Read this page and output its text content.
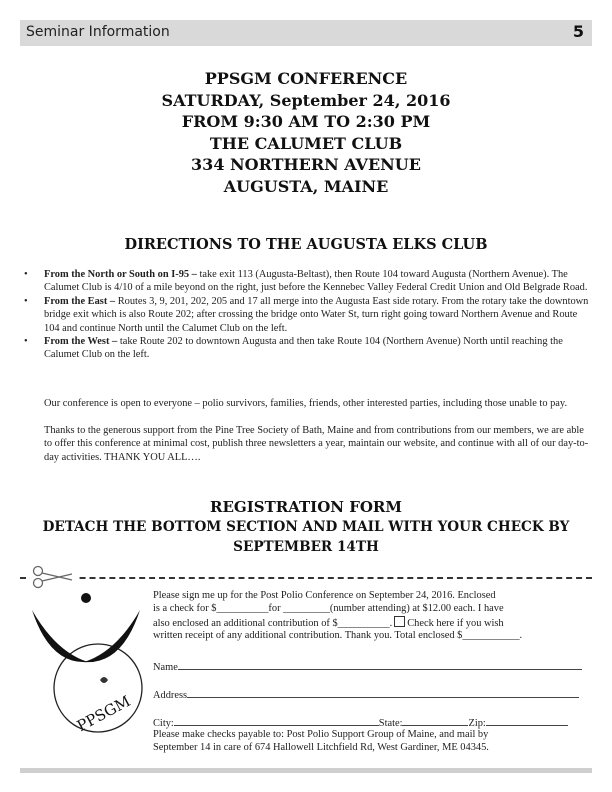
Seminar Information	5
PPSGM CONFERENCE
SATURDAY, September 24, 2016
FROM 9:30 AM TO 2:30 PM
THE CALUMET CLUB
334 NORTHERN AVENUE
AUGUSTA, MAINE
DIRECTIONS TO THE AUGUSTA ELKS CLUB
• From the North or South on I-95 – take exit 113 (Augusta-Beltast), then Route 104 toward Augusta (Northern Avenue). The Calumet Club is 4/10 of a mile beyond on the right, just before the Kennebec Valley Federal Credit Union and Old Belgrade Road.
• From the East – Routes 3, 9, 201, 202, 205 and 17 all merge into the Augusta East side rotary. From the rotary take the downtown bridge exit which is also Route 202; after crossing the bridge onto Water St, turn right going toward Northern Avenue and Route 104 and continue North until the Calumet Club on the left.
• From the West – take Route 202 to downtown Augusta and then take Route 104 (Northern Avenue) North until reaching the Calumet Club on the left.

Our conference is open to everyone – polio survivors, families, friends, other interested parties, including those unable to pay.

Thanks to the generous support from the Pine Tree Society of Bath, Maine and from contributions from our members, we are able to offer this conference at minimal cost, publish three newsletters a year, maintain our website, and continue with all of our day-to-day activities. THANK YOU ALL….

REGISTRATION FORM
DETACH THE BOTTOM SECTION AND MAIL WITH YOUR CHECK BY
SEPTEMBER 14TH
PPSGM

Please sign me up for the Post Polio Conference on September 24, 2016. Enclosed

is a check for $__________for _________(number attending) at $12.00 each. I have

also enclosed an additional contribution of $__________. Check here if you wish

written receipt of any additional contribution. Thank you. Total enclosed $___________.

Name
Address
City:	State:	Zip:
Please make checks payable to: Post Polio Support Group of Maine, and mail by
September 14 in care of 674 Hallowell Litchfield Rd, West Gardiner, ME 04345.
